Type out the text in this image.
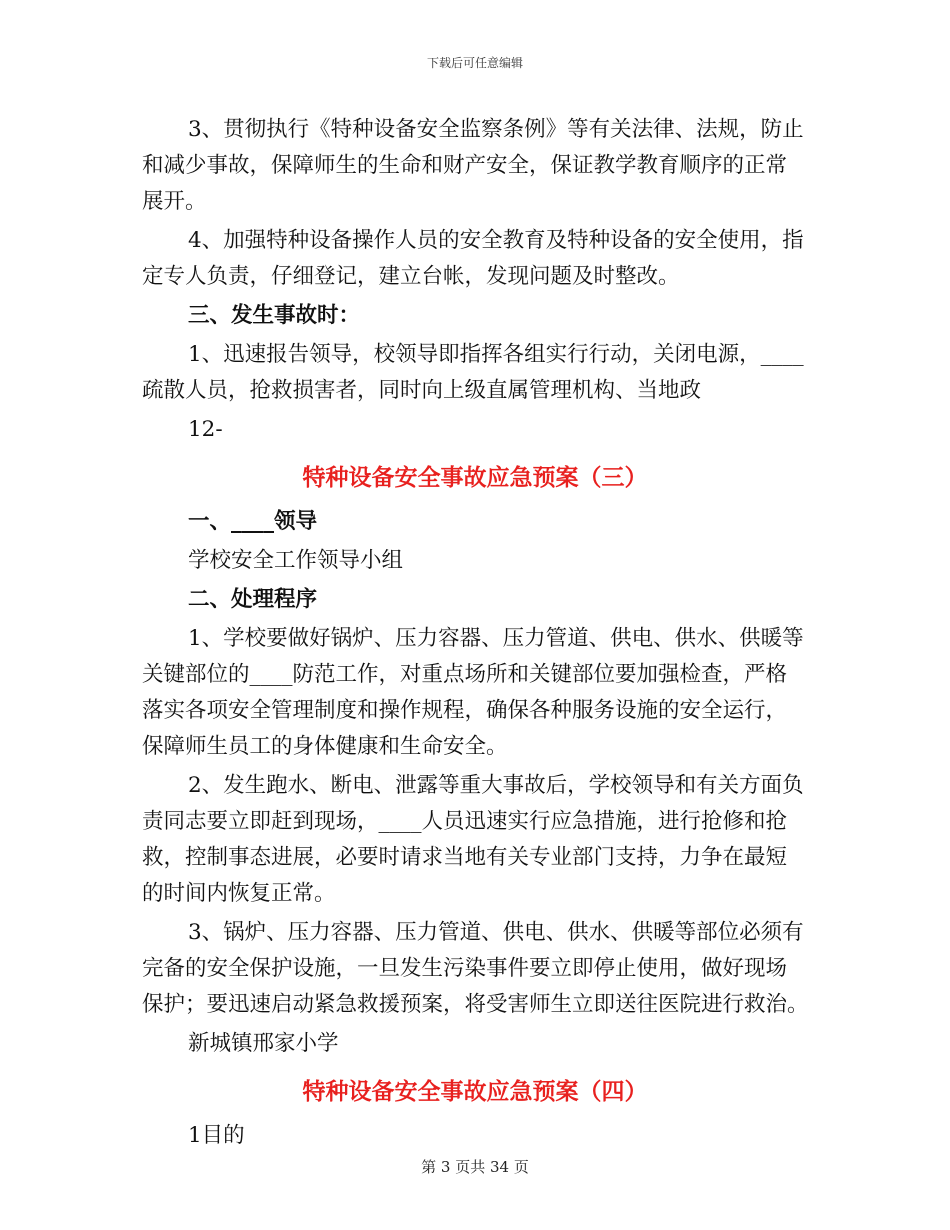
下载后可任意编辑
3、贯彻执行《特种设备安全监察条例》等有关法律、法规，防止
和减少事故，保障师生的生命和财产安全，保证教学教育顺序的正常
展开。
4、加强特种设备操作人员的安全教育及特种设备的安全使用，指
定专人负责，仔细登记，建立台帐，发现问题及时整改。
三、发生事故时：
1、迅速报告领导，校领导即指挥各组实行行动，关闭电源，____
疏散人员，抢救损害者，同时向上级直属管理机构、当地政
12-
特种设备安全事故应急预案（三）
一、____领导
学校安全工作领导小组
二、处理程序
1、学校要做好锅炉、压力容器、压力管道、供电、供水、供暖等
关键部位的____防范工作，对重点场所和关键部位要加强检查，严格
落实各项安全管理制度和操作规程，确保各种服务设施的安全运行，
保障师生员工的身体健康和生命安全。
2、发生跑水、断电、泄露等重大事故后，学校领导和有关方面负
责同志要立即赶到现场，____人员迅速实行应急措施，进行抢修和抢
救，控制事态进展，必要时请求当地有关专业部门支持，力争在最短
的时间内恢复正常。
3、锅炉、压力容器、压力管道、供电、供水、供暖等部位必须有
完备的安全保护设施，一旦发生污染事件要立即停止使用，做好现场
保护；要迅速启动紧急救援预案，将受害师生立即送往医院进行救治。
新城镇邢家小学
特种设备安全事故应急预案（四）
1目的
第 3 页共 34 页
